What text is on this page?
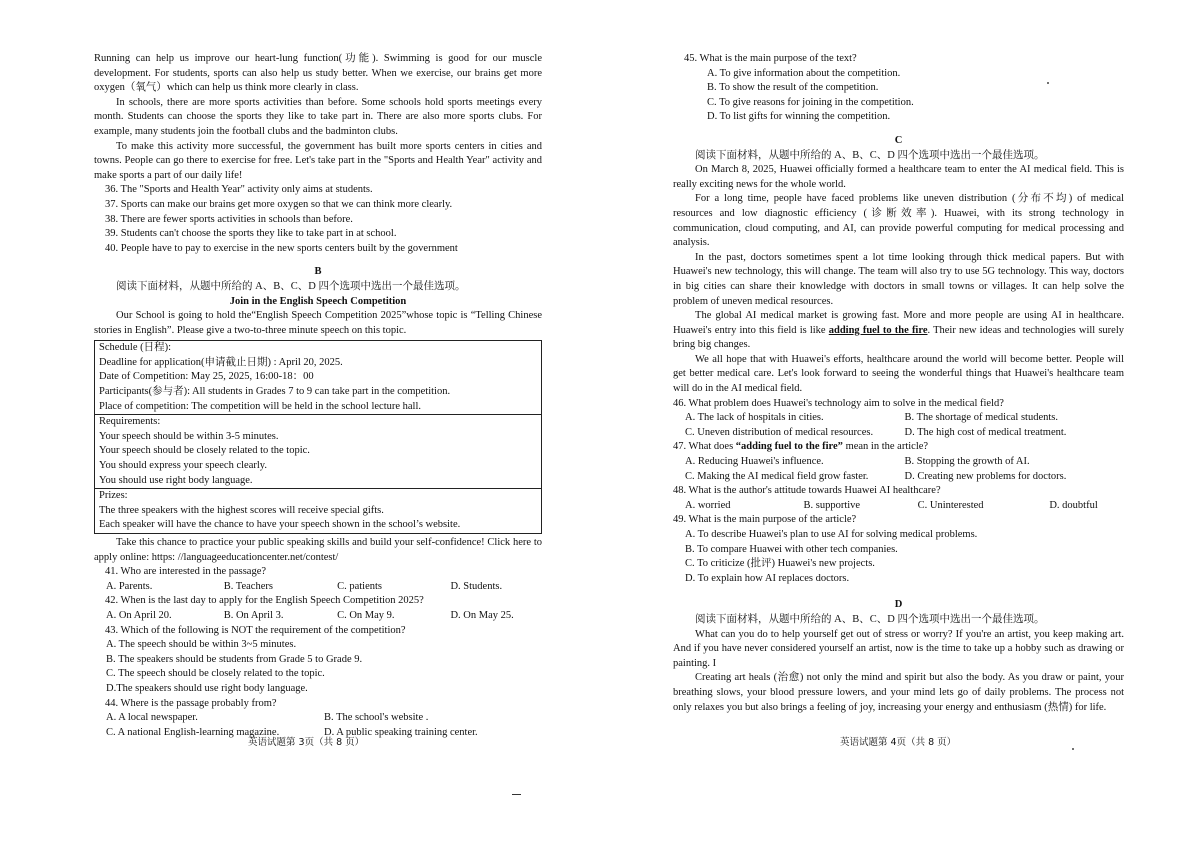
Running can help us improve our heart-lung function(功能). Swimming is good for our muscle development. For students, sports can also help us study better. When we exercise, our brains get more oxygen（氧气）which can help us think more clearly in class.

In schools, there are more sports activities than before. Some schools hold sports meetings every month. Students can choose the sports they like to take part in. There are also more sports clubs. For example, many students join the football clubs and the badminton clubs.

To make this activity more successful, the government has built more sports centers in cities and towns. People can go there to exercise for free. Let's take part in the "Sports and Health Year" activity and make sports a part of our daily life!

36. The "Sports and Health Year" activity only aims at students.

37. Sports can make our brains get more oxygen so that we can think more clearly.

38. There are fewer sports activities in schools than before.

39. Students can't choose the sports they like to take part in at school.

40. People have to pay to exercise in the new sports centers built by the government

B

阅读下面材料，从题中所给的 A、B、C、D 四个选项中选出一个最佳选项。

Join in the English Speech Competition

Our School is going to hold the“English Speech Competition 2025”whose topic is “Telling Chinese stories in English”. Please give a two-to-three minute speech on this topic.

Schedule (日程):

Deadline for application(申请截止日期) : April 20, 2025.

Date of Competition: May 25, 2025, 16:00-18：00

Participants(参与者): All students in Grades 7 to 9 can take part in the competition.

Place of competition: The competition will be held in the school lecture hall.

Requirements:

Your speech should be within 3-5 minutes.

Your speech should be closely related to the topic.

You should express your speech clearly.

You should use right body language.

Prizes:

The three speakers with the highest scores will receive special gifts.

Each speaker will have the chance to have your speech shown in the school’s website.

Take this chance to practice your public speaking skills and build your self-confidence! Click here to apply online: https: //languageeducationcenter.net/contest/

41. Who are interested in the passage?

A. Parents.	B. Teachers	C. patients	D. Students.

42. When is the last day to apply for the English Speech Competition 2025?

A. On April 20.	B. On April 3.	C. On May 9.	D. On May 25.

43. Which of the following is NOT the requirement of the competition?

A. The speech should be within 3~5 minutes.

B. The speakers should be students from Grade 5 to Grade 9.

C. The speech should be closely related to the topic.

D.The speakers should use right body language.

44. Where is the passage probably from?

A. A local newspaper.	B. The school's website .
C. A national English-learning magazine.	D. A public speaking training center.
英语试题第 3页（共 8 页）

45. What is the main purpose of the text?

A. To give information about the competition.

B. To show the result of the competition.

C. To give reasons for joining in the competition.

D. To list gifts for winning the competition.

C

阅读下面材料，从题中所给的 A、B、C、D 四个选项中选出一个最佳选项。

On March 8, 2025, Huawei officially formed a healthcare team to enter the AI medical field. This is really exciting news for the whole world.

For a long time, people have faced problems like uneven distribution (分布不均) of medical resources and low diagnostic efficiency (诊断效率). Huawei, with its strong technology in communication, cloud computing, and AI, can provide powerful computing for medical processing and analysis.

In the past, doctors sometimes spent a lot time looking through thick medical papers. But with Huawei's new technology, this will change. The team will also try to use 5G technology. This way, doctors in big cities can share their knowledge with doctors in small towns or villages. It can help solve the problem of uneven medical resources.

The global AI medical market is growing fast. More and more people are using AI in healthcare. Huawei's entry into this field is like adding fuel to the fire. Their new ideas and technologies will surely bring big changes.

We all hope that with Huawei's efforts, healthcare around the world will become better. People will get better medical care. Let's look forward to seeing the wonderful things that Huawei's healthcare team will do in the AI medical field.

46. What problem does Huawei's technology aim to solve in the medical field?

A. The lack of hospitals in cities.	B. The shortage of medical students.
C. Uneven distribution of medical resources.	D. The high cost of medical treatment.

47. What does “adding fuel to the fire” mean in the article?

A. Reducing Huawei's influence.	B. Stopping the growth of AI.
C. Making the AI medical field grow faster.	D. Creating new problems for doctors.

48. What is the author's attitude towards Huawei AI healthcare?

A. worried	B. supportive	C. Uninterested	D. doubtful

49. What is the main purpose of the article?

A. To describe Huawei's plan to use AI for solving medical problems.

B. To compare Huawei with other tech companies.

C. To criticize (批评) Huawei's new projects.

D. To explain how AI replaces doctors.

D

阅读下面材料，从题中所给的 A、B、C、D 四个选项中选出一个最佳选项。

What can you do to help yourself get out of stress or worry? If you're an artist, you keep making art. And if you have never considered yourself an artist, now is the time to take up a hobby such as drawing or painting. I

Creating art heals (治愈) not only the mind and spirit but also the body. As you draw or paint, your breathing slows, your blood pressure lowers, and your mind lets go of daily problems. The process not only relaxes you but also brings a feeling of joy, increasing your energy and enthusiasm (热情) for life.

英语试题第 4页（共 8 页）
